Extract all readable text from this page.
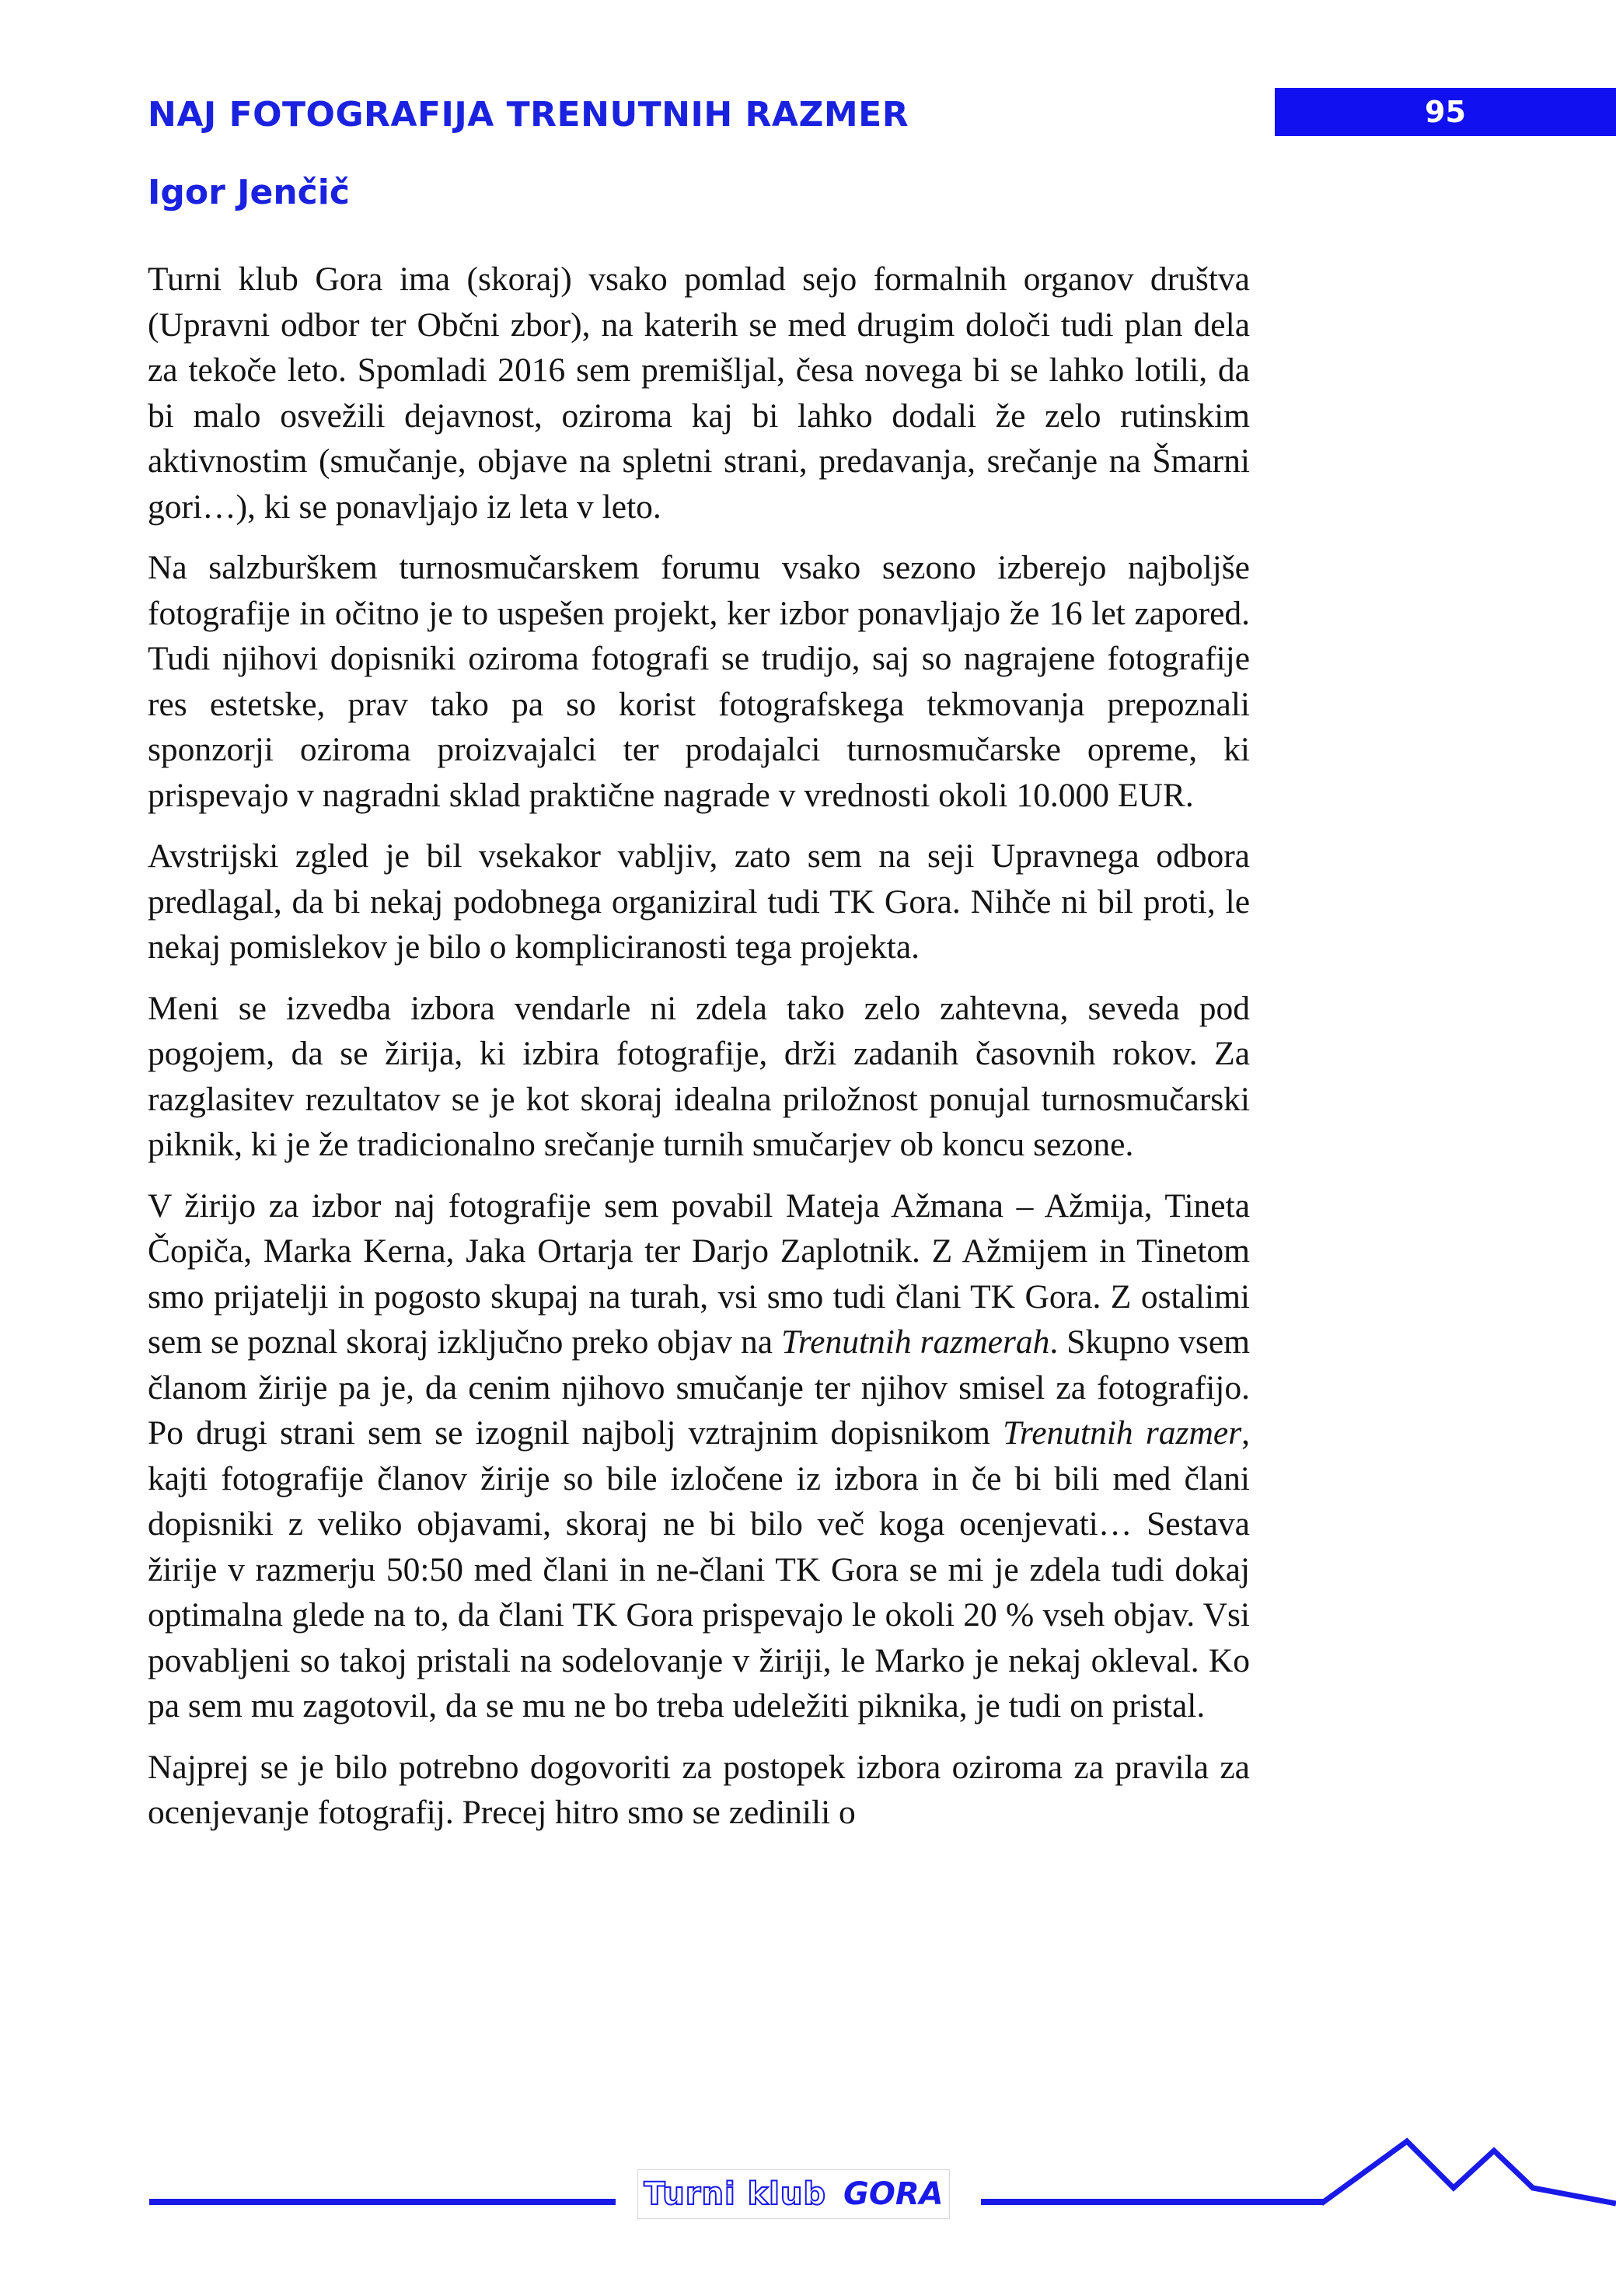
95
NAJ FOTOGRAFIJA TRENUTNIH RAZMER
Igor Jenčič

Turni klub Gora ima (skoraj) vsako pomlad sejo formalnih organov društva (Upravni odbor ter Občni zbor), na katerih se med drugim določi tudi plan dela za tekoče leto. Spomladi 2016 sem premišljal, česa novega bi se lahko lotili, da bi malo osvežili dejavnost, oziroma kaj bi lahko dodali že zelo rutinskim aktivnostim (smučanje, objave na spletni strani, predavanja, srečanje na Šmarni gori…), ki se ponavljajo iz leta v leto.

Na salzburškem turnosmučarskem forumu vsako sezono izberejo najboljše fotografije in očitno je to uspešen projekt, ker izbor ponavljajo že 16 let zapored. Tudi njihovi dopisniki oziroma fotografi se trudijo, saj so nagrajene fotografije res estetske, prav tako pa so korist fotografskega tekmovanja prepoznali sponzorji oziroma proizvajalci ter prodajalci turnosmučarske opreme, ki prispevajo v nagradni sklad praktične nagrade v vrednosti okoli 10.000 EUR.

Avstrijski zgled je bil vsekakor vabljiv, zato sem na seji Upravnega odbora predlagal, da bi nekaj podobnega organiziral tudi TK Gora. Nihče ni bil proti, le nekaj pomislekov je bilo o kompliciranosti tega projekta.

Meni se izvedba izbora vendarle ni zdela tako zelo zahtevna, seveda pod pogojem, da se žirija, ki izbira fotografije, drži zadanih časovnih rokov. Za razglasitev rezultatov se je kot skoraj idealna priložnost ponujal turnosmučarski piknik, ki je že tradicionalno srečanje turnih smučarjev ob koncu sezone.

V žirijo za izbor naj fotografije sem povabil Mateja Ažmana – Ažmija, Tineta Čopiča, Marka Kerna, Jaka Ortarja ter Darjo Zaplotnik. Z Ažmijem in Tinetom smo prijatelji in pogosto skupaj na turah, vsi smo tudi člani TK Gora. Z ostalimi sem se poznal skoraj izključno preko objav na Trenutnih razmerah. Skupno vsem članom žirije pa je, da cenim njihovo smučanje ter njihov smisel za fotografijo. Po drugi strani sem se izognil najbolj vztrajnim dopisnikom Trenutnih razmer, kajti fotografije članov žirije so bile izločene iz izbora in če bi bili med člani dopisniki z veliko objavami, skoraj ne bi bilo več koga ocenjevati… Sestava žirije v razmerju 50:50 med člani in ne-člani TK Gora se mi je zdela tudi dokaj optimalna glede na to, da člani TK Gora prispevajo le okoli 20 % vseh objav. Vsi povabljeni so takoj pristali na sodelovanje v žiriji, le Marko je nekaj okleval. Ko pa sem mu zagotovil, da se mu ne bo treba udeležiti piknika, je tudi on pristal.

Najprej se je bilo potrebno dogovoriti za postopek izbora oziroma za pravila za ocenjevanje fotografij. Precej hitro smo se zedinili o

Turni klub GORA
